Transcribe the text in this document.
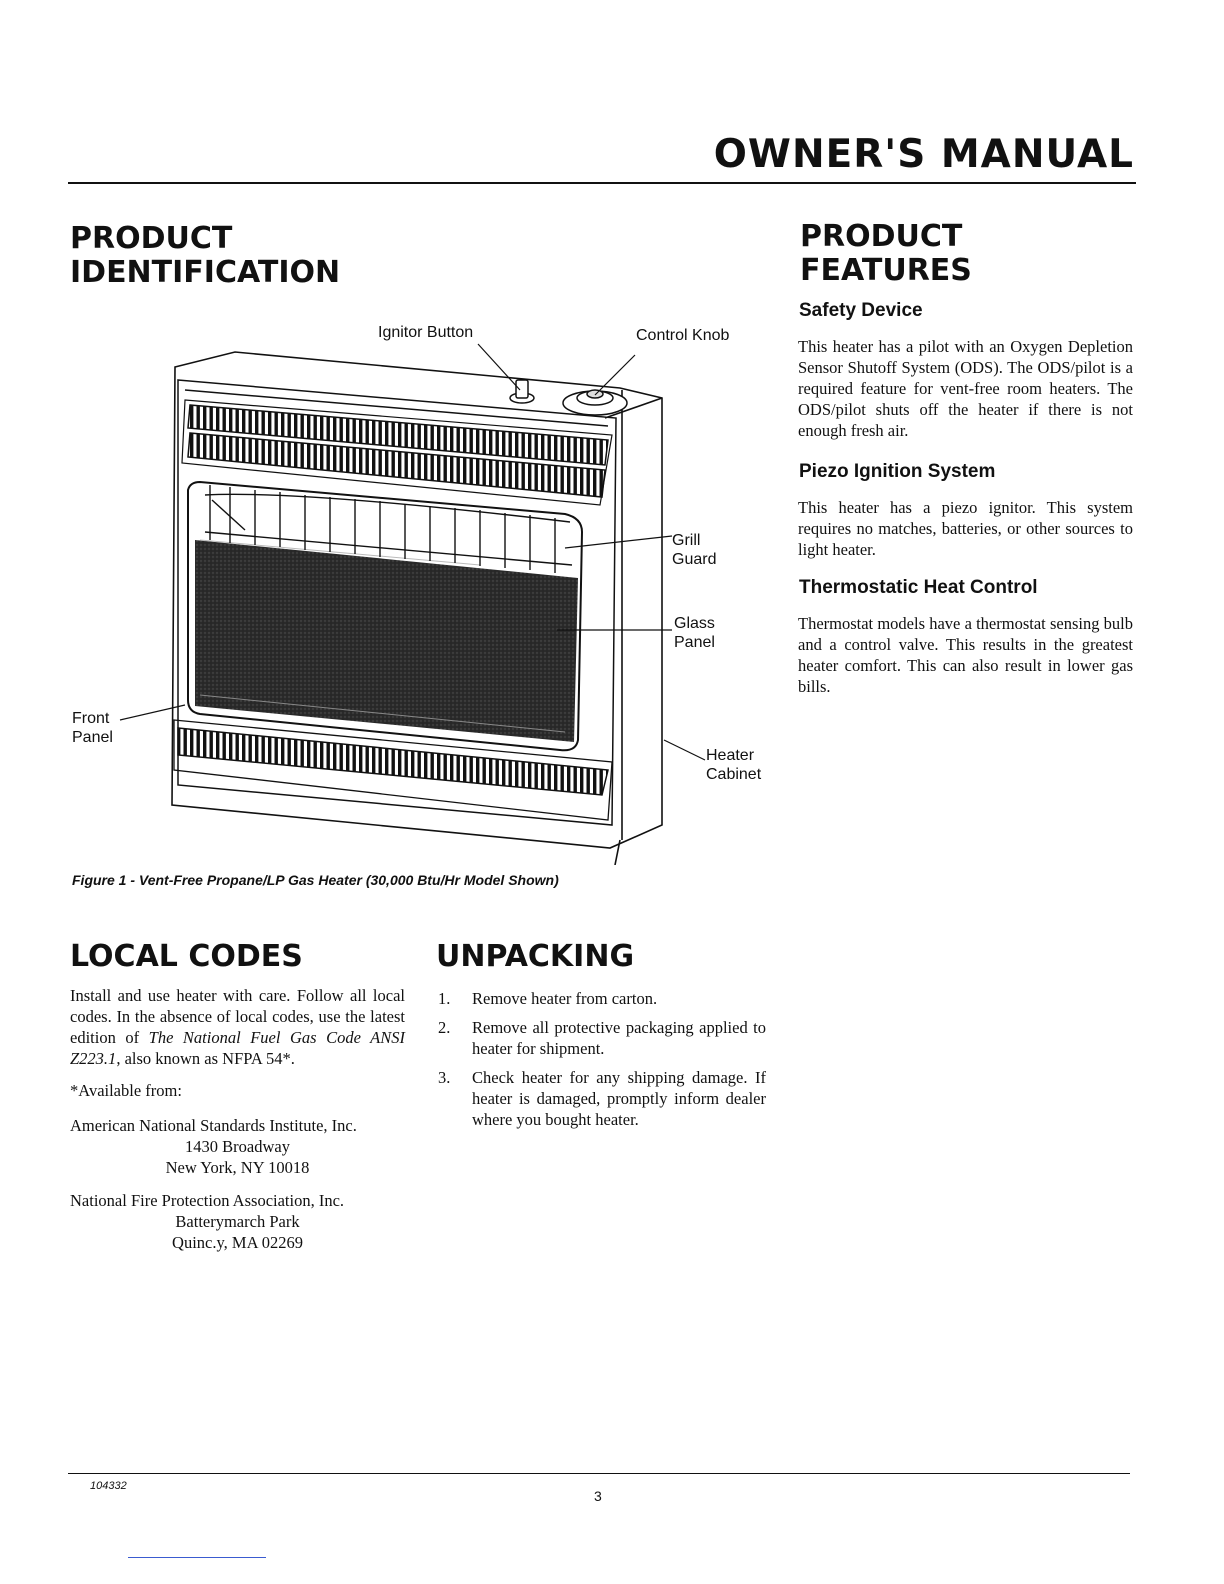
OWNER'S MANUAL
PRODUCT
IDENTIFICATION
Ignitor Button	Control Knob
Grill
Guard
Glass
Panel
Front
Panel
Heater
Cabinet
Figure 1 - Vent-Free Propane/LP Gas Heater (30,000 Btu/Hr Model Shown)
PRODUCT
FEATURES
Safety Device

This heater has a pilot with an Oxygen Depletion Sensor Shutoff System (ODS). The ODS/pilot is a required feature for vent-free room heaters. The ODS/pilot shuts off the heater if there is not enough fresh air.

Piezo Ignition System

This heater has a piezo ignitor. This system requires no matches, batteries, or other sources to light heater.

Thermostatic Heat Control

Thermostat models have a thermostat sensing bulb and a control valve. This results in the greatest heater comfort. This can also result in lower gas bills.

LOCAL CODES

Install and use heater with care. Follow all local codes. In the absence of local codes, use the latest edition of The National Fuel Gas Code ANSI Z223.1, also known as NFPA 54*.

*Available from:

American National Standards Institute, Inc.
1430 Broadway
New York, NY 10018
National Fire Protection Association, Inc.
Batterymarch Park
Quinc.y, MA 02269
UNPACKING
1. Remove heater from carton.
2. Remove all protective packaging applied to heater for shipment.
3. Check heater for any shipping damage. If heater is damaged, promptly inform dealer where you bought heater.
104332
3
